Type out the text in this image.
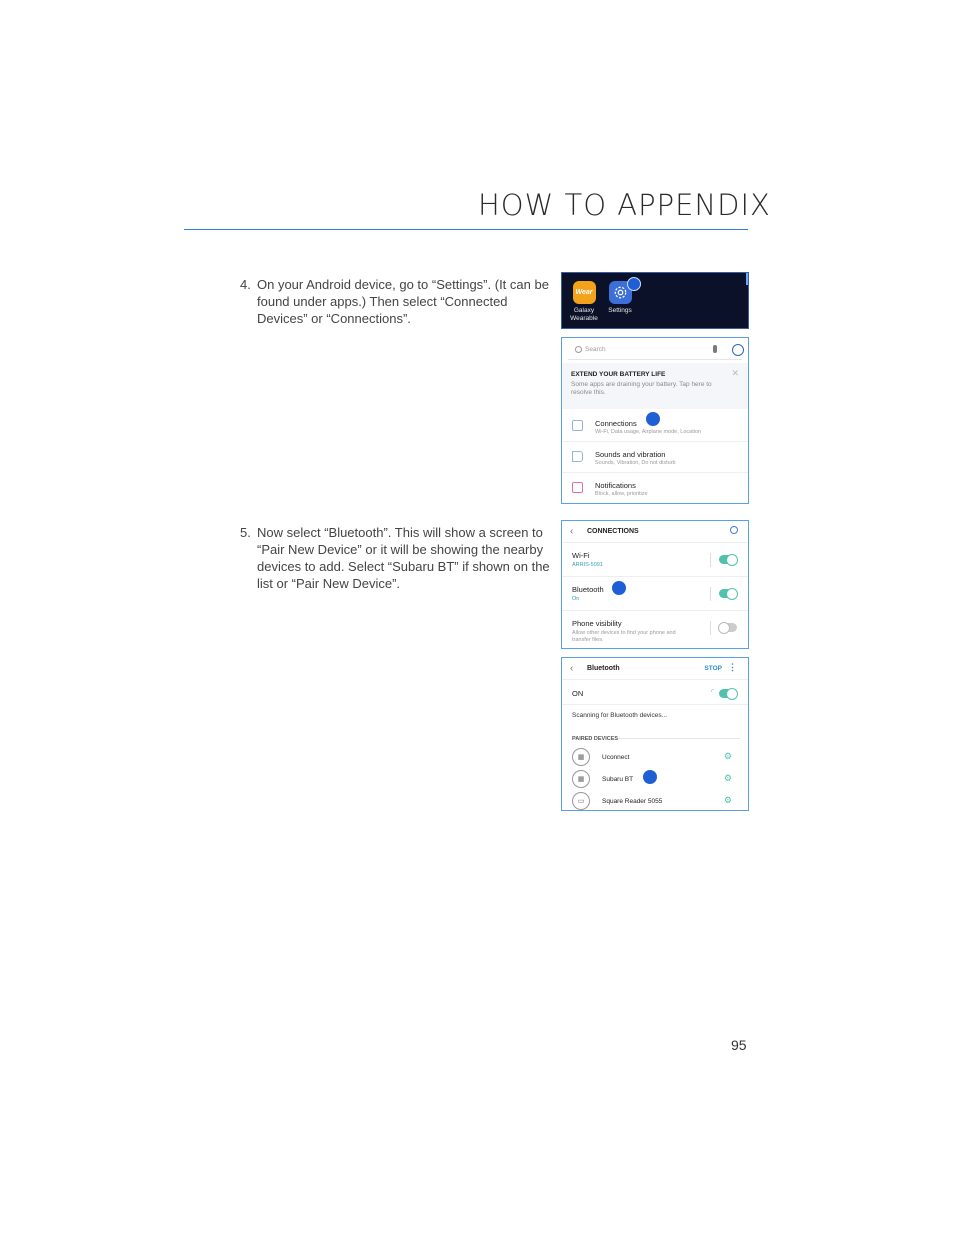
HOW TO APPENDIX
4. On your Android device, go to “Settings”. (It can be found under apps.) Then select “Connected Devices” or “Connections”.
5. Now select “Bluetooth”. This will show a screen to “Pair New Device” or it will be showing the nearby devices to add. Select “Subaru BT” if shown on the list or “Pair New Device”.
Wear
Galaxy Wearable
Settings
Search
EXTEND YOUR BATTERY LIFE
Some apps are draining your battery. Tap here to resolve this.
✕
Connections
Wi-Fi, Data usage, Airplane mode, Location
Sounds and vibration
Sounds, Vibration, Do not disturb
Notifications
Block, allow, prioritize
‹ CONNECTIONS
Wi-Fi
ARRIS-5091
Bluetooth
On
Phone visibility
Allow other devices to find your phone and transfer files.
‹ Bluetooth	STOP ⋮
ON	◜
Scanning for Bluetooth devices...
PAIRED DEVICES
▦	Uconnect	⚙
▦	Subaru BT	⚙
▭	Square Reader 5055	⚙
95
